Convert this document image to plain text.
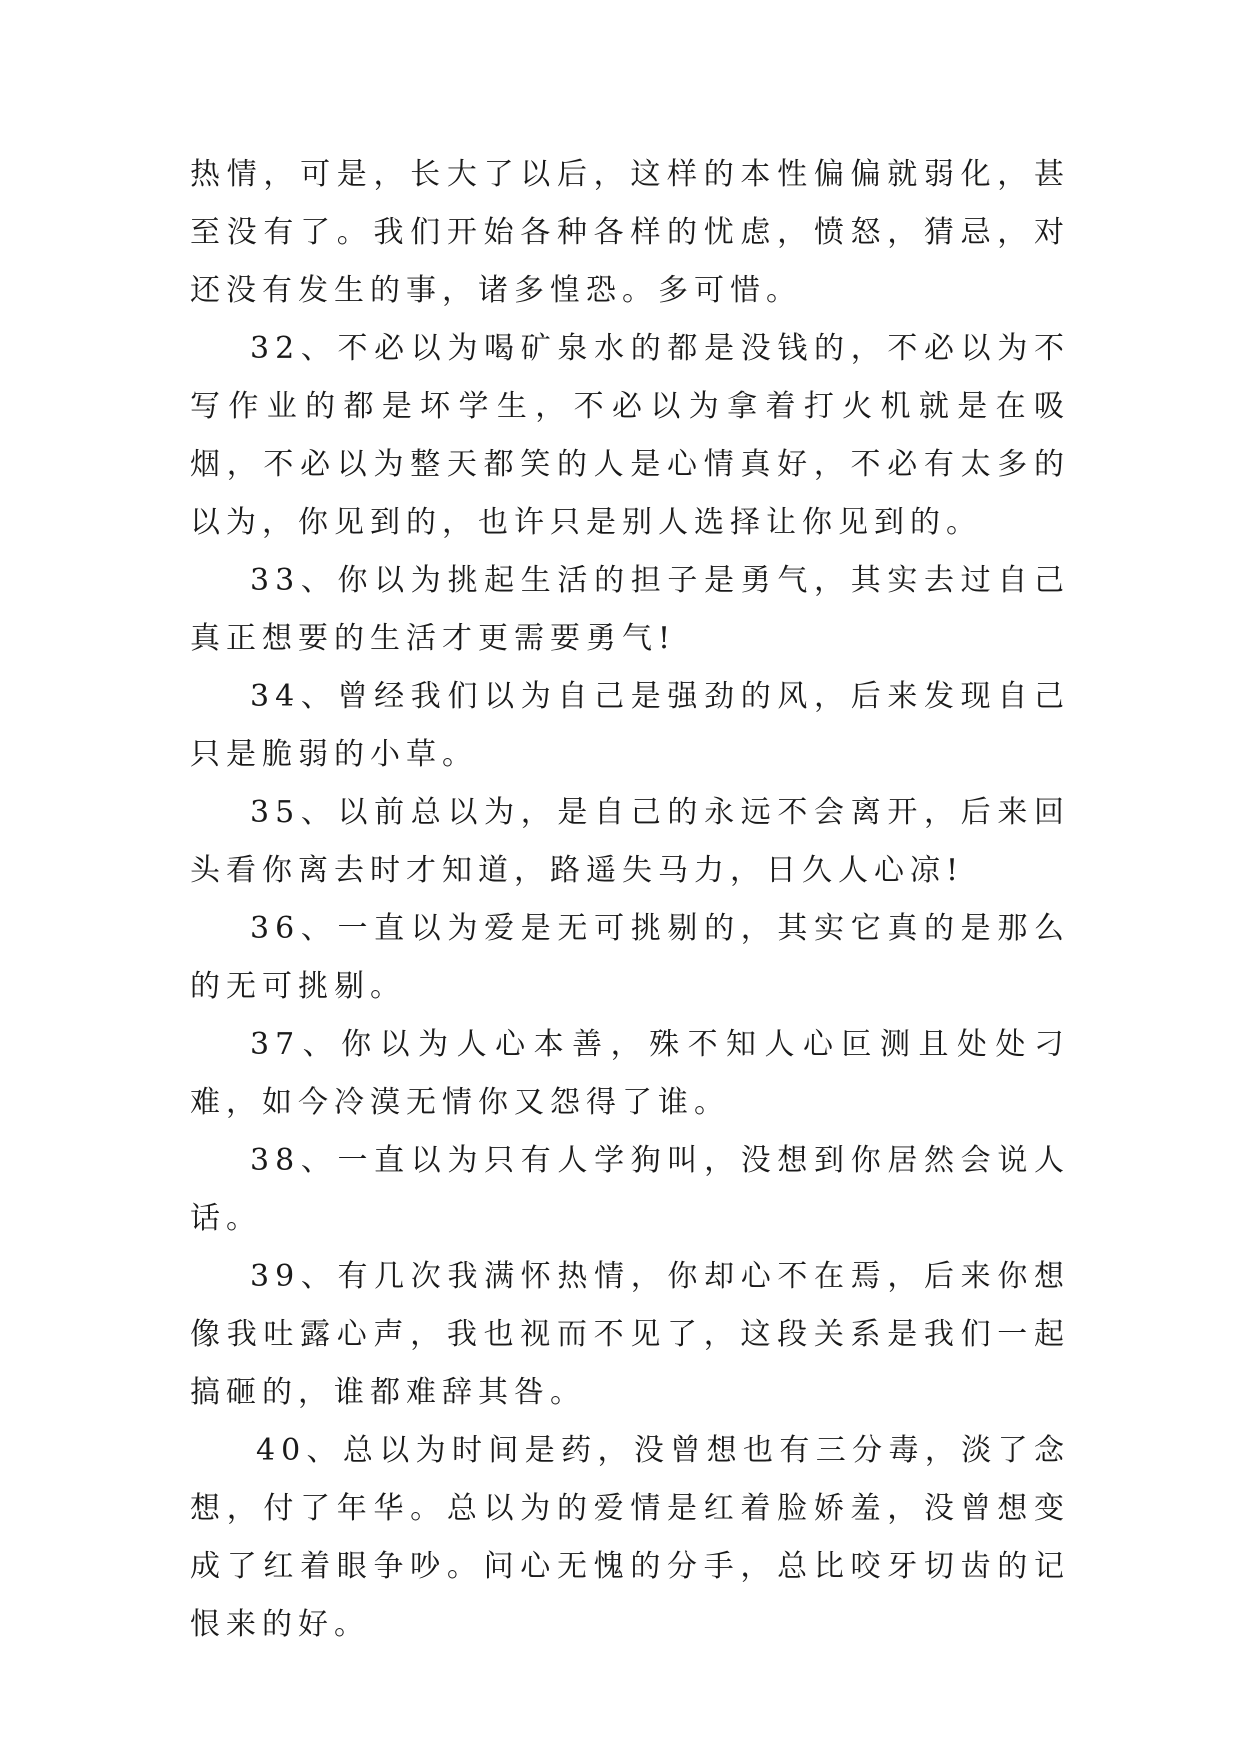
热情，可是，长大了以后，这样的本性偏偏就弱化，甚至没有了。我们开始各种各样的忧虑，愤怒，猜忌，对还没有发生的事，诸多惶恐。多可惜。

32、不必以为喝矿泉水的都是没钱的，不必以为不写作业的都是坏学生，不必以为拿着打火机就是在吸烟，不必以为整天都笑的人是心情真好，不必有太多的以为，你见到的，也许只是别人选择让你见到的。

33、你以为挑起生活的担子是勇气，其实去过自己真正想要的生活才更需要勇气!

34、曾经我们以为自己是强劲的风，后来发现自己只是脆弱的小草。

35、以前总以为，是自己的永远不会离开，后来回头看你离去时才知道，路遥失马力，日久人心凉!

36、一直以为爱是无可挑剔的，其实它真的是那么的无可挑剔。

37、你以为人心本善，殊不知人心叵测且处处刁难，如今冷漠无情你又怨得了谁。

38、一直以为只有人学狗叫，没想到你居然会说人话。

39、有几次我满怀热情，你却心不在焉，后来你想像我吐露心声，我也视而不见了，这段关系是我们一起搞砸的，谁都难辞其咎。

40、总以为时间是药，没曾想也有三分毒，淡了念想，付了年华。总以为的爱情是红着脸娇羞，没曾想变成了红着眼争吵。问心无愧的分手，总比咬牙切齿的记恨来的好。
